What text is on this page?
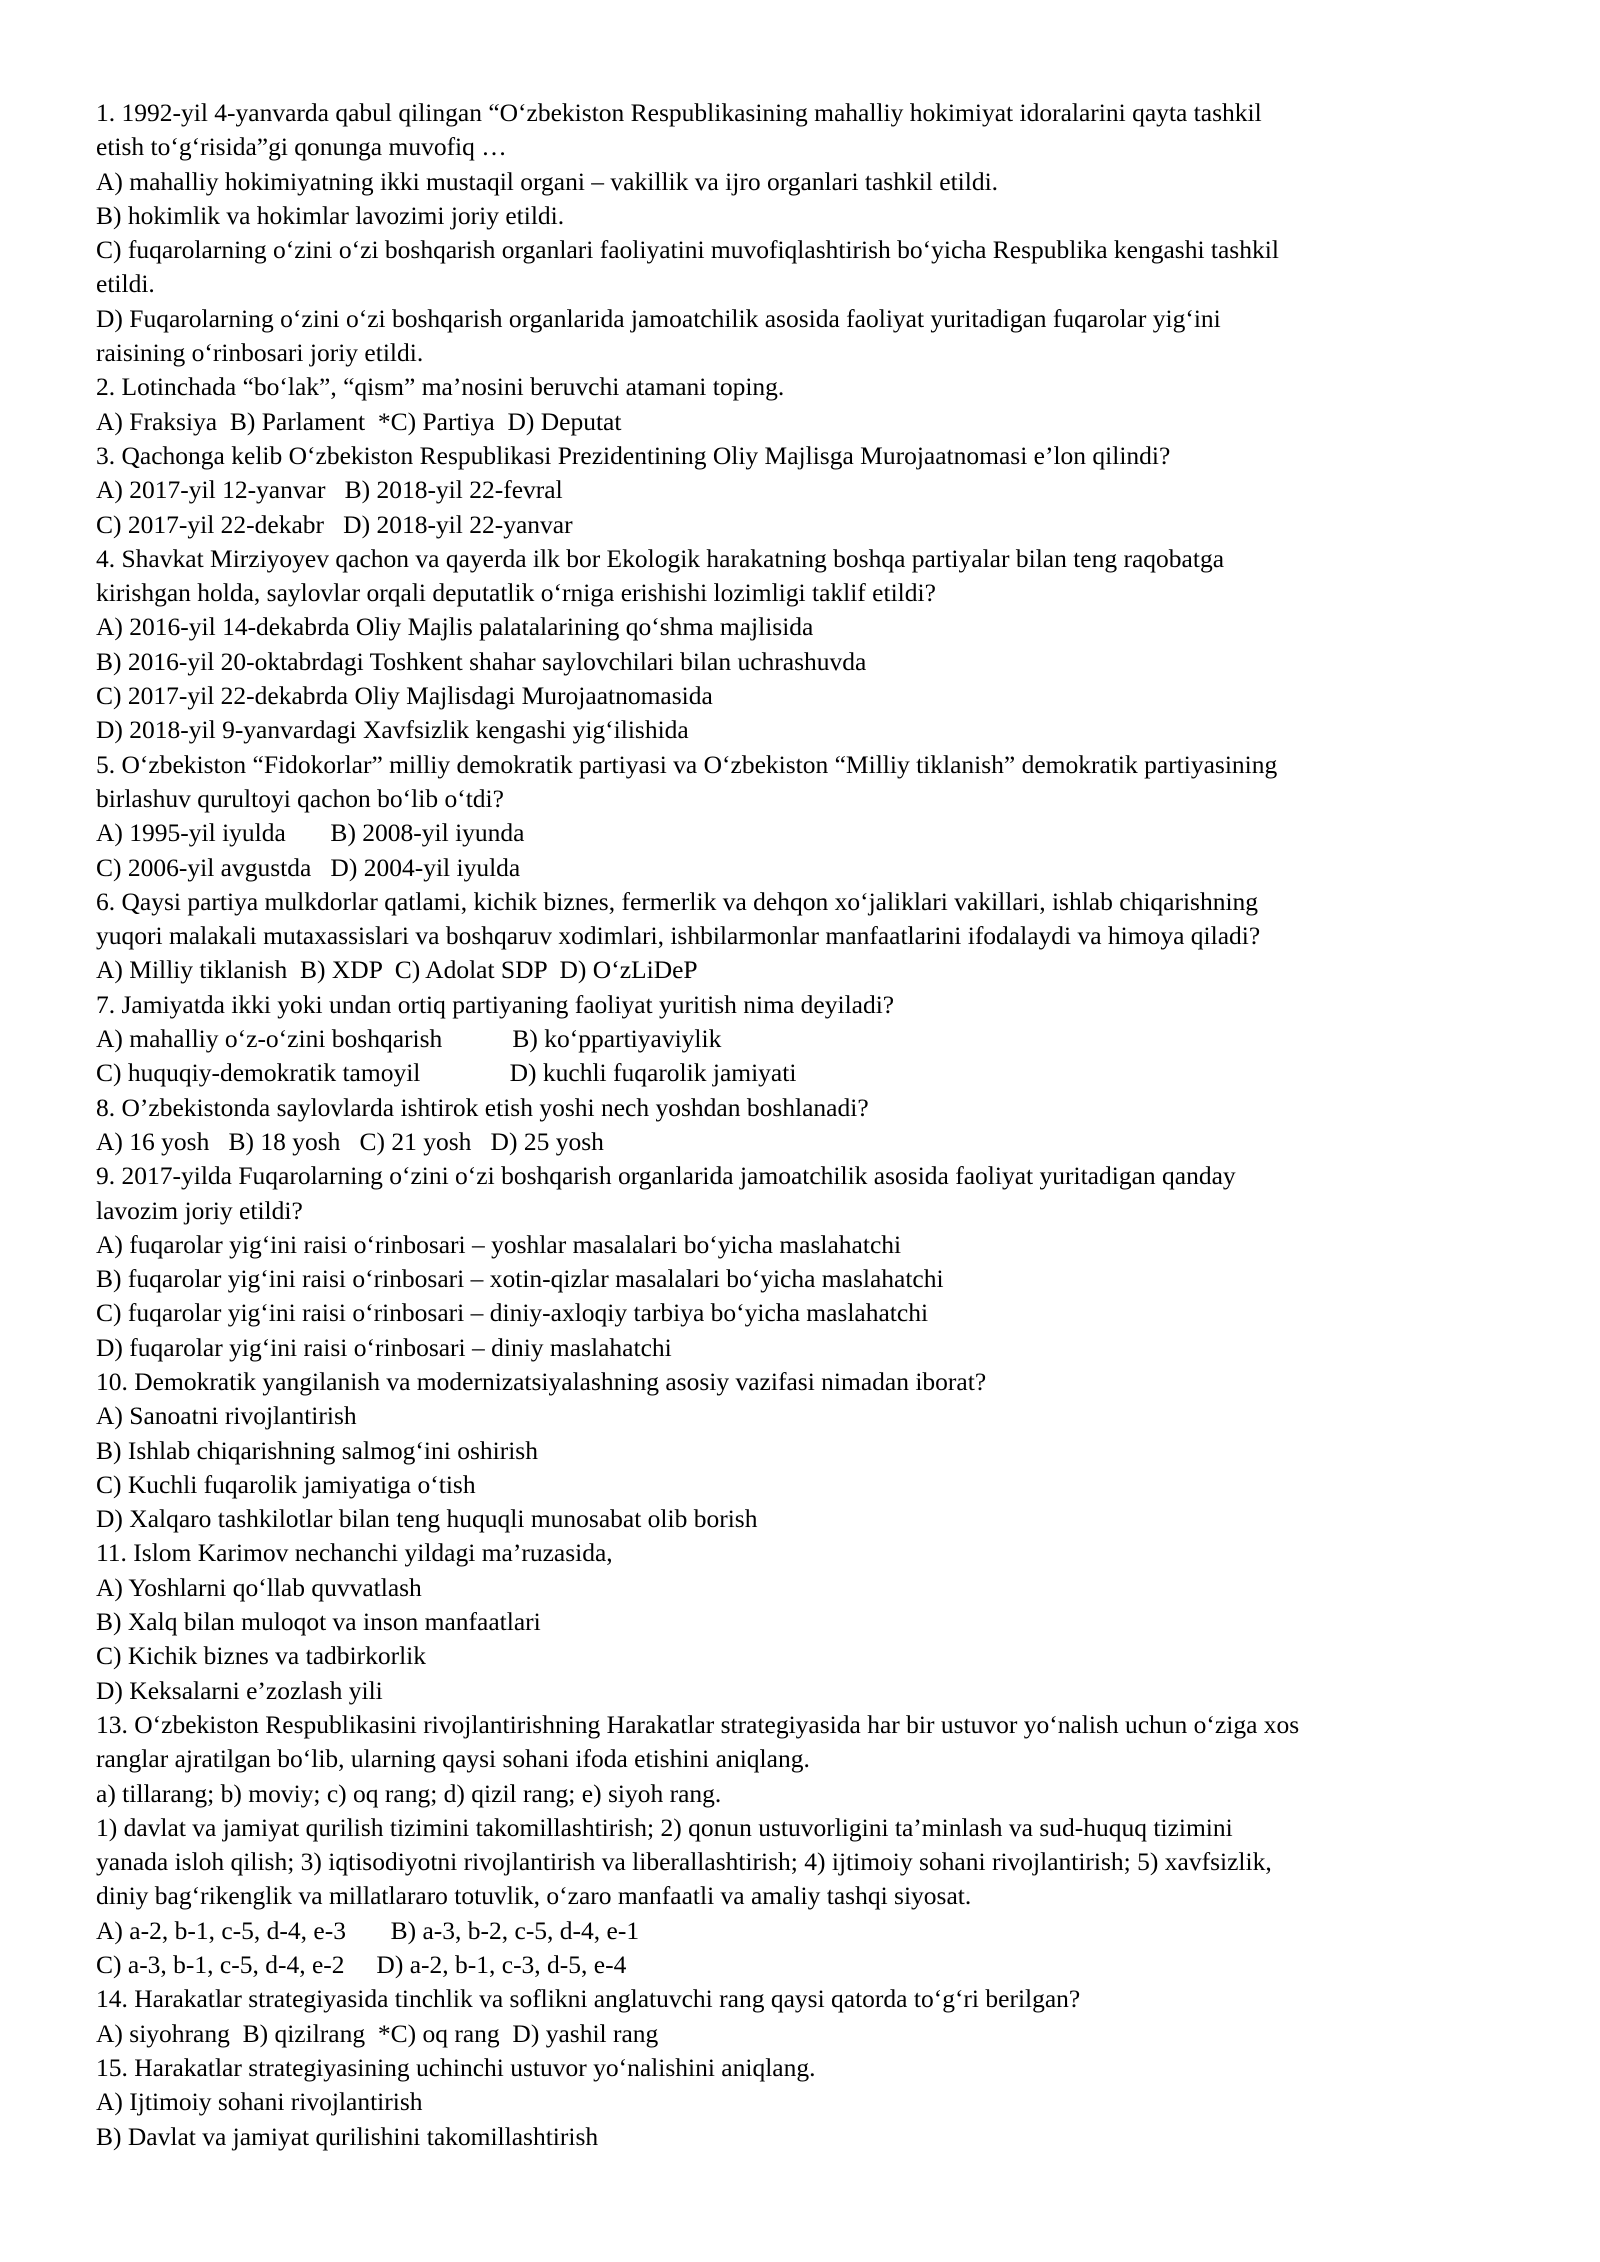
1. 1992-yil 4-yanvarda qabul qilingan “O‘zbekiston Respublikasining mahalliy hokimiyat idoralarini qayta tashkil
etish to‘g‘risida”gi qonunga muvofiq …
A) mahalliy hokimiyatning ikki mustaqil organi – vakillik va ijro organlari tashkil etildi.
B) hokimlik va hokimlar lavozimi joriy etildi.
C) fuqarolarning o‘zini o‘zi boshqarish organlari faoliyatini muvofiqlashtirish bo‘yicha Respublika kengashi tashkil
etildi.
D) Fuqarolarning o‘zini o‘zi boshqarish organlarida jamoatchilik asosida faoliyat yuritadigan fuqarolar yig‘ini
raisining o‘rinbosari joriy etildi.
2. Lotinchada “bo‘lak”, “qism” ma’nosini beruvchi atamani toping.
A) Fraksiya  B) Parlament  *C) Partiya  D) Deputat
3. Qachonga kelib O‘zbekiston Respublikasi Prezidentining Oliy Majlisga Murojaatnomasi e’lon qilindi?
A) 2017-yil 12-yanvar   B) 2018-yil 22-fevral
C) 2017-yil 22-dekabr   D) 2018-yil 22-yanvar
4. Shavkat Mirziyoyev qachon va qayerda ilk bor Ekologik harakatning boshqa partiyalar bilan teng raqobatga
kirishgan holda, saylovlar orqali deputatlik o‘rniga erishishi lozimligi taklif etildi?
A) 2016-yil 14-dekabrda Oliy Majlis palatalarining qo‘shma majlisida
B) 2016-yil 20-oktabrdagi Toshkent shahar saylovchilari bilan uchrashuvda
C) 2017-yil 22-dekabrda Oliy Majlisdagi Murojaatnomasida
D) 2018-yil 9-yanvardagi Xavfsizlik kengashi yig‘ilishida
5. O‘zbekiston “Fidokorlar” milliy demokratik partiyasi va O‘zbekiston “Milliy tiklanish” demokratik partiyasining
birlashuv qurultoyi qachon bo‘lib o‘tdi?
A) 1995-yil iyulda       B) 2008-yil iyunda
C) 2006-yil avgustda   D) 2004-yil iyulda
6. Qaysi partiya mulkdorlar qatlami, kichik biznes, fermerlik va dehqon xo‘jaliklari vakillari, ishlab chiqarishning
yuqori malakali mutaxassislari va boshqaruv xodimlari, ishbilarmonlar manfaatlarini ifodalaydi va himoya qiladi?
A) Milliy tiklanish  B) XDP  C) Adolat SDP  D) O‘zLiDeP
7. Jamiyatda ikki yoki undan ortiq partiyaning faoliyat yuritish nima deyiladi?
A) mahalliy o‘z-o‘zini boshqarish           B) ko‘ppartiyaviylik
C) huquqiy-demokratik tamoyil              D) kuchli fuqarolik jamiyati
8. O’zbekistonda saylovlarda ishtirok etish yoshi nech yoshdan boshlanadi?
A) 16 yosh   B) 18 yosh   C) 21 yosh   D) 25 yosh
9. 2017-yilda Fuqarolarning o‘zini o‘zi boshqarish organlarida jamoatchilik asosida faoliyat yuritadigan qanday
lavozim joriy etildi?
A) fuqarolar yig‘ini raisi o‘rinbosari – yoshlar masalalari bo‘yicha maslahatchi
B) fuqarolar yig‘ini raisi o‘rinbosari – xotin-qizlar masalalari bo‘yicha maslahatchi
C) fuqarolar yig‘ini raisi o‘rinbosari – diniy-axloqiy tarbiya bo‘yicha maslahatchi
D) fuqarolar yig‘ini raisi o‘rinbosari – diniy maslahatchi
10. Demokratik yangilanish va modernizatsiyalashning asosiy vazifasi nimadan iborat?
A) Sanoatni rivojlantirish
B) Ishlab chiqarishning salmog‘ini oshirish
C) Kuchli fuqarolik jamiyatiga o‘tish
D) Xalqaro tashkilotlar bilan teng huquqli munosabat olib borish
11. Islom Karimov nechanchi yildagi ma’ruzasida,
A) Yoshlarni qo‘llab quvvatlash
B) Xalq bilan muloqot va inson manfaatlari
C) Kichik biznes va tadbirkorlik
D) Keksalarni e’zozlash yili
13. O‘zbekiston Respublikasini rivojlantirishning Harakatlar strategiyasida har bir ustuvor yo‘nalish uchun o‘ziga xos
ranglar ajratilgan bo‘lib, ularning qaysi sohani ifoda etishini aniqlang.
a) tillarang; b) moviy; c) oq rang; d) qizil rang; e) siyoh rang.
1) davlat va jamiyat qurilish tizimini takomillashtirish; 2) qonun ustuvorligini ta’minlash va sud-huquq tizimini
yanada isloh qilish; 3) iqtisodiyotni rivojlantirish va liberallashtirish; 4) ijtimoiy sohani rivojlantirish; 5) xavfsizlik,
diniy bag‘rikenglik va millatlararo totuvlik, o‘zaro manfaatli va amaliy tashqi siyosat.
A) a-2, b-1, c-5, d-4, e-3       B) a-3, b-2, c-5, d-4, e-1
C) a-3, b-1, c-5, d-4, e-2     D) a-2, b-1, c-3, d-5, e-4
14. Harakatlar strategiyasida tinchlik va soflikni anglatuvchi rang qaysi qatorda to‘g‘ri berilgan?
A) siyohrang  B) qizilrang  *C) oq rang  D) yashil rang
15. Harakatlar strategiyasining uchinchi ustuvor yo‘nalishini aniqlang.
A) Ijtimoiy sohani rivojlantirish
B) Davlat va jamiyat qurilishini takomillashtirish
